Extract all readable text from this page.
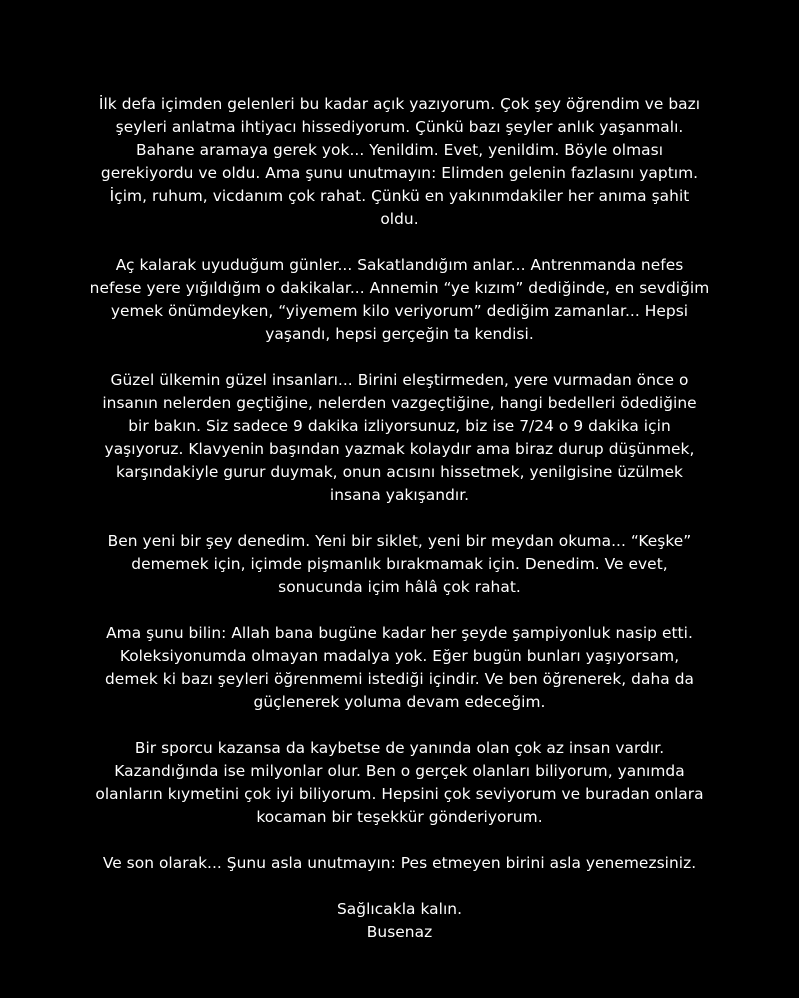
İlk defa içimden gelenleri bu kadar açık yazıyorum. Çok şey öğrendim ve bazı
şeyleri anlatma ihtiyacı hissediyorum. Çünkü bazı şeyler anlık yaşanmalı.
Bahane aramaya gerek yok... Yenildim. Evet, yenildim. Böyle olması
gerekiyordu ve oldu. Ama şunu unutmayın: Elimden gelenin fazlasını yaptım.
İçim, ruhum, vicdanım çok rahat. Çünkü en yakınımdakiler her anıma şahit
oldu.

Aç kalarak uyuduğum günler... Sakatlandığım anlar... Antrenmanda nefes
nefese yere yığıldığım o dakikalar... Annemin “ye kızım” dediğinde, en sevdiğim
yemek önümdeyken, “yiyemem kilo veriyorum” dediğim zamanlar... Hepsi
yaşandı, hepsi gerçeğin ta kendisi.

Güzel ülkemin güzel insanları... Birini eleştirmeden, yere vurmadan önce o
insanın nelerden geçtiğine, nelerden vazgeçtiğine, hangi bedelleri ödediğine
bir bakın. Siz sadece 9 dakika izliyorsunuz, biz ise 7/24 o 9 dakika için
yaşıyoruz. Klavyenin başından yazmak kolaydır ama biraz durup düşünmek,
karşındakiyle gurur duymak, onun acısını hissetmek, yenilgisine üzülmek
insana yakışandır.

Ben yeni bir şey denedim. Yeni bir siklet, yeni bir meydan okuma... “Keşke”
dememek için, içimde pişmanlık bırakmamak için. Denedim. Ve evet,
sonucunda içim hâlâ çok rahat.

Ama şunu bilin: Allah bana bugüne kadar her şeyde şampiyonluk nasip etti.
Koleksiyonumda olmayan madalya yok. Eğer bugün bunları yaşıyorsam,
demek ki bazı şeyleri öğrenmemi istediği içindir. Ve ben öğrenerek, daha da
güçlenerek yoluma devam edeceğim.

Bir sporcu kazansa da kaybetse de yanında olan çok az insan vardır.
Kazandığında ise milyonlar olur. Ben o gerçek olanları biliyorum, yanımda
olanların kıymetini çok iyi biliyorum. Hepsini çok seviyorum ve buradan onlara
kocaman bir teşekkür gönderiyorum.

Ve son olarak... Şunu asla unutmayın: Pes etmeyen birini asla yenemezsiniz.

Sağlıcakla kalın.
Busenaz
